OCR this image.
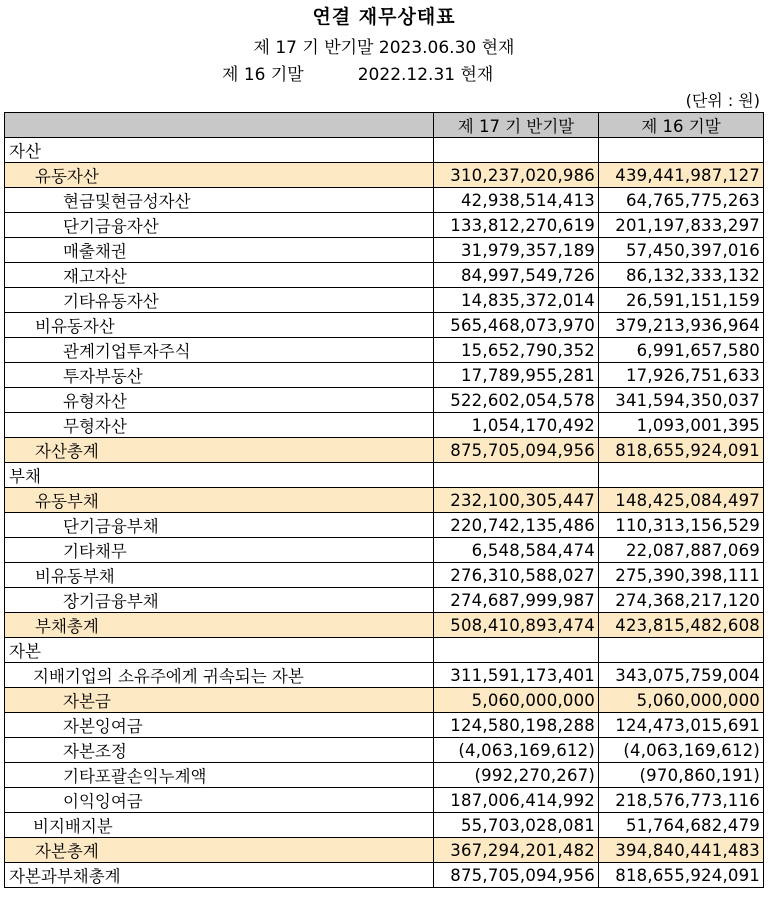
연결 재무상태표
제 17 기 반기말 2023.06.30 현재
제 16 기말          2022.12.31 현재
(단위 : 원)
	제 17 기 반기말	제 16 기말
자산		
유동자산	310,237,020,986	439,441,987,127
현금및현금성자산	42,938,514,413	64,765,775,263
단기금융자산	133,812,270,619	201,197,833,297
매출채권	31,979,357,189	57,450,397,016
재고자산	84,997,549,726	86,132,333,132
기타유동자산	14,835,372,014	26,591,151,159
비유동자산	565,468,073,970	379,213,936,964
관계기업투자주식	15,652,790,352	6,991,657,580
투자부동산	17,789,955,281	17,926,751,633
유형자산	522,602,054,578	341,594,350,037
무형자산	1,054,170,492	1,093,001,395
자산총계	875,705,094,956	818,655,924,091
부채		
유동부채	232,100,305,447	148,425,084,497
단기금융부채	220,742,135,486	110,313,156,529
기타채무	6,548,584,474	22,087,887,069
비유동부채	276,310,588,027	275,390,398,111
장기금융부채	274,687,999,987	274,368,217,120
부채총계	508,410,893,474	423,815,482,608
자본		
지배기업의 소유주에게 귀속되는 자본	311,591,173,401	343,075,759,004
자본금	5,060,000,000	5,060,000,000
자본잉여금	124,580,198,288	124,473,015,691
자본조정	(4,063,169,612)	(4,063,169,612)
기타포괄손익누계액	(992,270,267)	(970,860,191)
이익잉여금	187,006,414,992	218,576,773,116
비지배지분	55,703,028,081	51,764,682,479
자본총계	367,294,201,482	394,840,441,483
자본과부채총계	875,705,094,956	818,655,924,091
